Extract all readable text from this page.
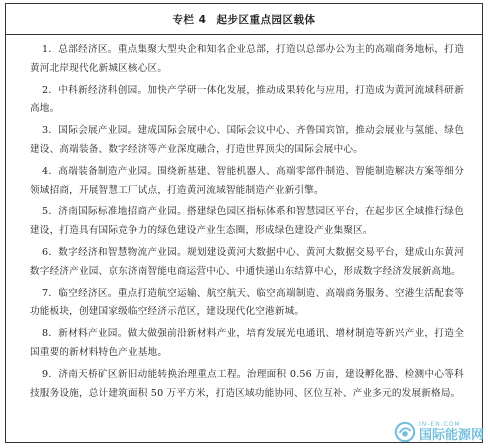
专栏 4 起步区重点园区载体

1．总部经济区。重点集聚大型央企和知名企业总部，打造以总部办公为主的高端商务地标，打造黄河北岸现代化新城区核心区。

2．中科新经济科创园。加快产学研一体化发展，推动成果转化与应用，打造成为黄河流域科研新高地。

3．国际会展产业园。建成国际会展中心、国际会议中心、齐鲁国宾馆，推动会展业与氢能、绿色建设、高端装备、数字经济等产业深度融合，打造世界顶尖的国际会展中心。

4．高端装备制造产业园。围绕新基建、智能机器人、高端零部件制造、智能制造解决方案等细分领域招商，开展智慧工厂试点，打造黄河流域智能制造产业新引擎。

5．济南国际标准地招商产业园。搭建绿色园区指标体系和智慧园区平台，在起步区全域推行绿色建设，打造具有国际竞争力的绿色建设产业生态圈，形成绿色建设产业集聚区。

6．数字经济和智慧物流产业园。规划建设黄河大数据中心、黄河大数据交易平台，建成山东黄河数字经济产业园、京东济南智能电商运营中心、中通快递山东结算中心，形成数字经济发展新高地。

7．临空经济区。重点打造航空运输、航空航天、临空高端制造、高端商务服务、空港生活配套等功能板块，创建国家级临空经济示范区，建设现代化空港新城。

8．新材料产业园。做大做强前沿新材料产业，培育发展光电通讯、增材制造等新兴产业，打造全国重要的新材料特色产业基地。

9．济南天桥矿区新旧动能转换治理重点工程。治理面积 0.56 万亩，建设孵化器、检测中心等科技服务设施，总计建筑面积 50 万平方米，打造区域功能协同、区位互补、产业多元的发展新格局。

IN-EN.COM
国际能源网
